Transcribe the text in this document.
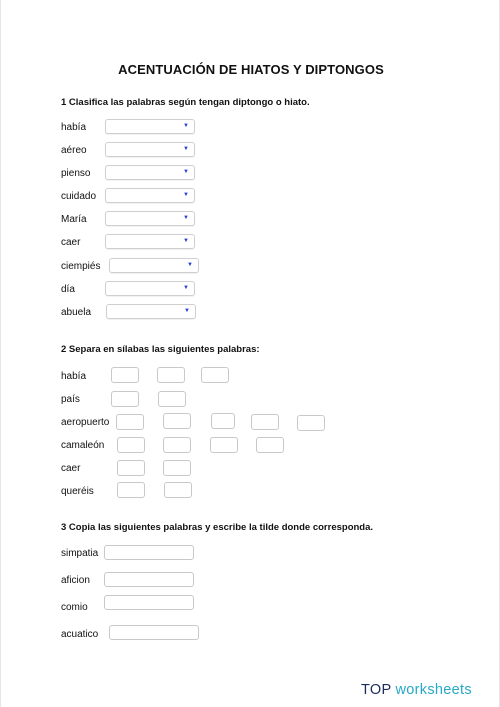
ACENTUACIÓN DE HIATOS Y DIPTONGOS
1 Clasifica las palabras según tengan diptongo o hiato.
había	▼
aéreo	▼
pienso	▼
cuidado	▼
María	▼
caer	▼
ciempiés	▼
día	▼
abuela	▼
2 Separa en sílabas las siguientes palabras:
había
país
aeropuerto
camaleón
caer
queréis
3 Copia las siguientes palabras y escribe la tilde donde corresponda.
simpatia
aficion
comio
acuatico
TOP worksheets
